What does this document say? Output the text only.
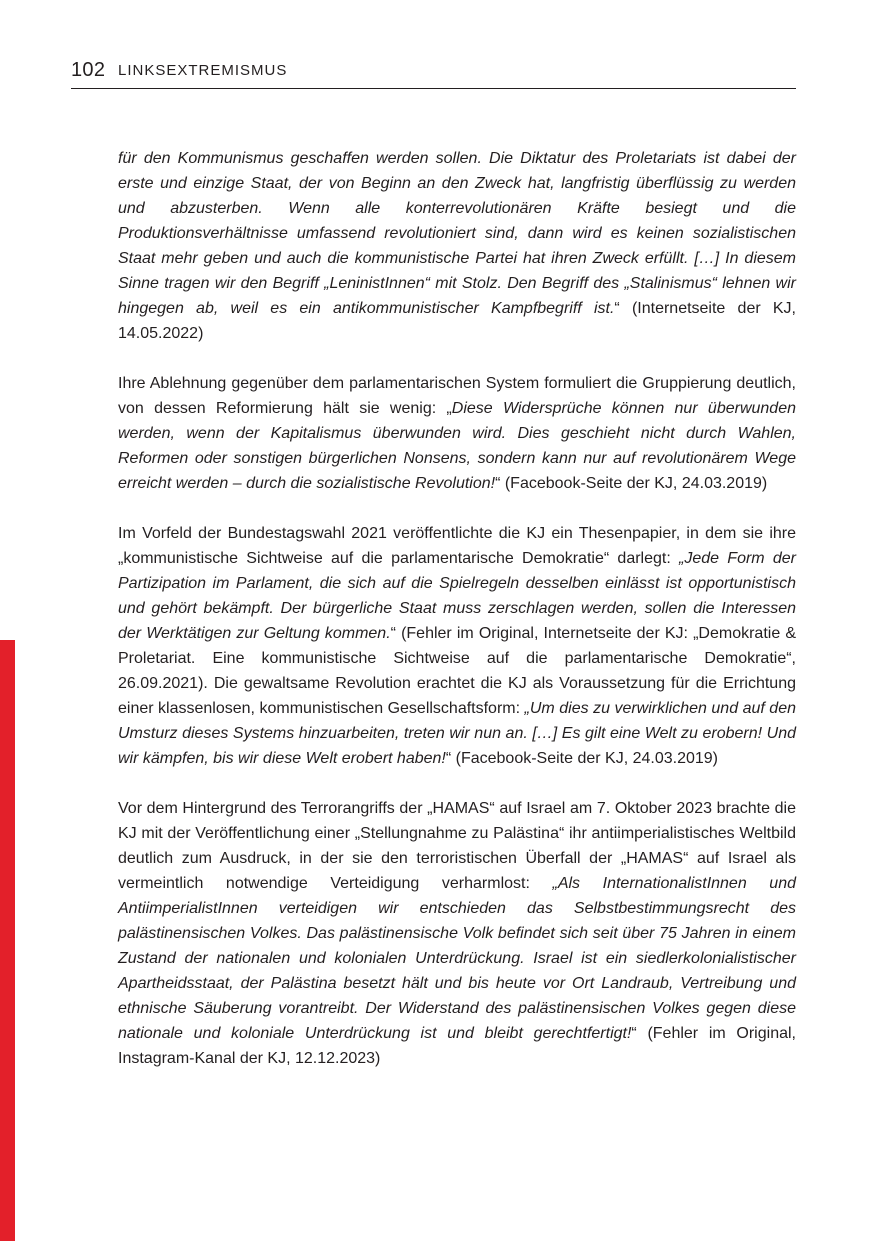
102 LINKSEXTREMISMUS

für den Kommunismus geschaffen werden sollen. Die Diktatur des Proletariats ist dabei der erste und einzige Staat, der von Beginn an den Zweck hat, langfristig überflüssig zu werden und abzusterben. Wenn alle konterrevolutionären Kräfte besiegt und die Produktionsverhältnisse umfassend revolutioniert sind, dann wird es keinen sozialistischen Staat mehr geben und auch die kommunistische Partei hat ihren Zweck erfüllt. […] In diesem Sinne tragen wir den Begriff „LeninistInnen“ mit Stolz. Den Begriff des „Stalinismus“ lehnen wir hingegen ab, weil es ein antikommunistischer Kampfbegriff ist.“ (Internetseite der KJ, 14.05.2022)

Ihre Ablehnung gegenüber dem parlamentarischen System formuliert die Gruppierung deutlich, von dessen Reformierung hält sie wenig: „Diese Widersprüche können nur überwunden werden, wenn der Kapitalismus überwunden wird. Dies geschieht nicht durch Wahlen, Reformen oder sonstigen bürgerlichen Nonsens, sondern kann nur auf revolutionärem Wege erreicht werden – durch die sozialistische Revolution!“ (Facebook-Seite der KJ, 24.03.2019)

Im Vorfeld der Bundestagswahl 2021 veröffentlichte die KJ ein Thesenpapier, in dem sie ihre „kommunistische Sichtweise auf die parlamentarische Demokratie“ darlegt: „Jede Form der Partizipation im Parlament, die sich auf die Spielregeln desselben einlässt ist opportunistisch und gehört bekämpft. Der bürgerliche Staat muss zerschlagen werden, sollen die Interessen der Werktätigen zur Geltung kommen.“ (Fehler im Original, Internetseite der KJ: „Demokratie & Proletariat. Eine kommunistische Sichtweise auf die parlamentarische Demokratie“, 26.09.2021). Die gewaltsame Revolution erachtet die KJ als Voraussetzung für die Errichtung einer klassenlosen, kommunistischen Gesellschaftsform: „Um dies zu verwirklichen und auf den Umsturz dieses Systems hinzuarbeiten, treten wir nun an. […] Es gilt eine Welt zu erobern! Und wir kämpfen, bis wir diese Welt erobert haben!“ (Facebook-Seite der KJ, 24.03.2019)

Vor dem Hintergrund des Terrorangriffs der „HAMAS“ auf Israel am 7. Oktober 2023 brachte die KJ mit der Veröffentlichung einer „Stellungnahme zu Palästina“ ihr antiimperialistisches Weltbild deutlich zum Ausdruck, in der sie den terroristischen Überfall der „HAMAS“ auf Israel als vermeintlich notwendige Verteidigung verharmlost: „Als InternationalistInnen und AntiimperialistInnen verteidigen wir entschieden das Selbstbestimmungsrecht des palästinensischen Volkes. Das palästinensische Volk befindet sich seit über 75 Jahren in einem Zustand der nationalen und kolonialen Unterdrückung. Israel ist ein siedlerkolonialistischer Apartheidsstaat, der Palästina besetzt hält und bis heute vor Ort Landraub, Vertreibung und ethnische Säuberung vorantreibt. Der Widerstand des palästinensischen Volkes gegen diese nationale und koloniale Unterdrückung ist und bleibt gerechtfertigt!“ (Fehler im Original, Instagram-Kanal der KJ, 12.12.2023)
